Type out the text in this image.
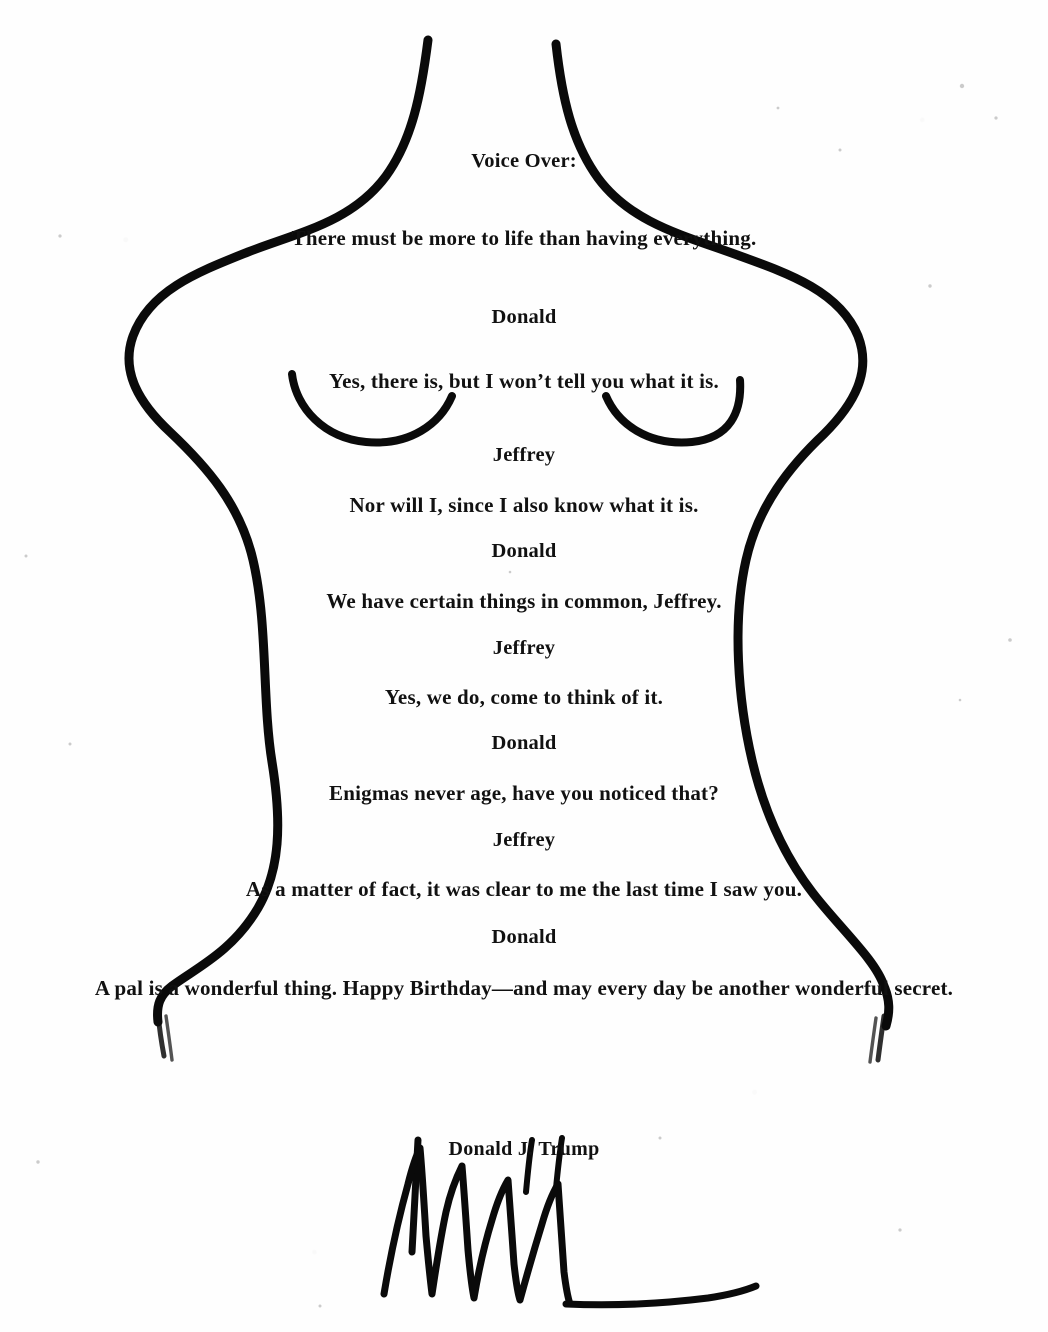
Voice Over:
There must be more to life than having everything.
Donald
Yes, there is, but I won’t tell you what it is.
Jeffrey
Nor will I, since I also know what it is.
Donald
We have certain things in common, Jeffrey.
Jeffrey
Yes, we do, come to think of it.
Donald
Enigmas never age, have you noticed that?
Jeffrey
As a matter of fact, it was clear to me the last time I saw you.
Donald
A pal is a wonderful thing. Happy Birthday—and may every day be another wonderful secret.
Donald J. Trump
